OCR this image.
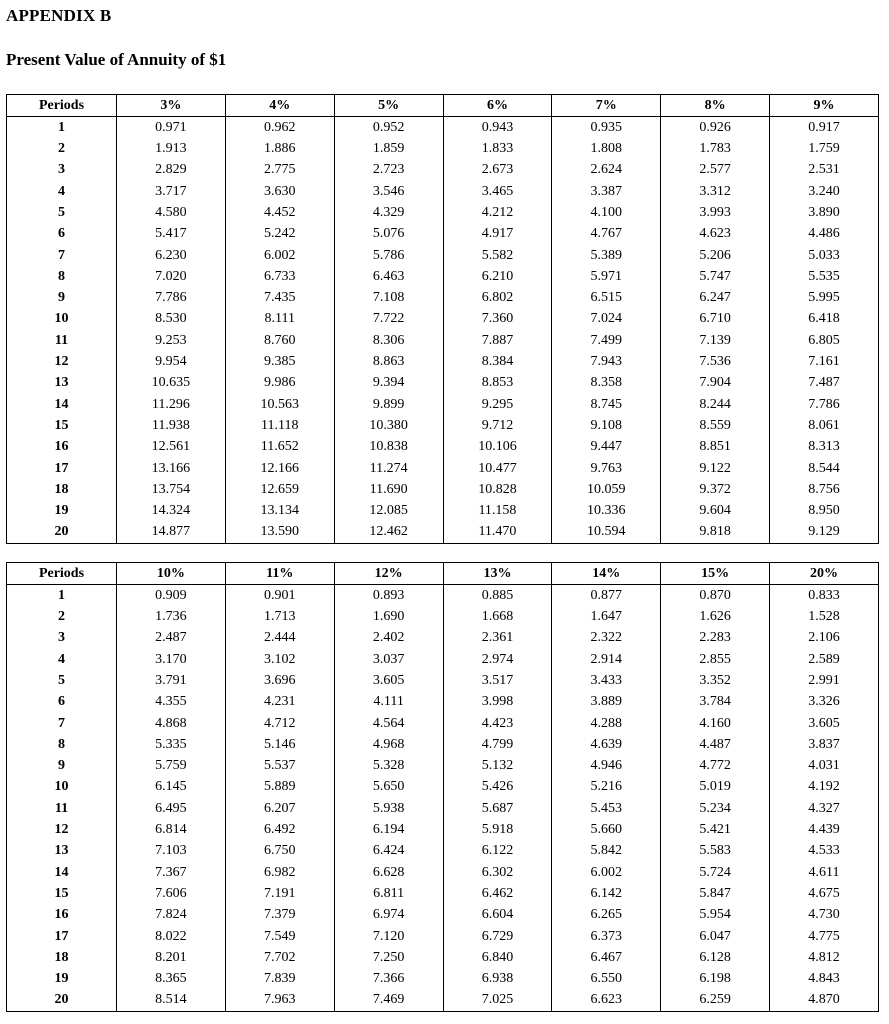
APPENDIX B
Present Value of Annuity of $1
Periods	3%	4%	5%	6%	7%	8%	9%
1	0.971	0.962	0.952	0.943	0.935	0.926	0.917
2	1.913	1.886	1.859	1.833	1.808	1.783	1.759
3	2.829	2.775	2.723	2.673	2.624	2.577	2.531
4	3.717	3.630	3.546	3.465	3.387	3.312	3.240
5	4.580	4.452	4.329	4.212	4.100	3.993	3.890
6	5.417	5.242	5.076	4.917	4.767	4.623	4.486
7	6.230	6.002	5.786	5.582	5.389	5.206	5.033
8	7.020	6.733	6.463	6.210	5.971	5.747	5.535
9	7.786	7.435	7.108	6.802	6.515	6.247	5.995
10	8.530	8.111	7.722	7.360	7.024	6.710	6.418
11	9.253	8.760	8.306	7.887	7.499	7.139	6.805
12	9.954	9.385	8.863	8.384	7.943	7.536	7.161
13	10.635	9.986	9.394	8.853	8.358	7.904	7.487
14	11.296	10.563	9.899	9.295	8.745	8.244	7.786
15	11.938	11.118	10.380	9.712	9.108	8.559	8.061
16	12.561	11.652	10.838	10.106	9.447	8.851	8.313
17	13.166	12.166	11.274	10.477	9.763	9.122	8.544
18	13.754	12.659	11.690	10.828	10.059	9.372	8.756
19	14.324	13.134	12.085	11.158	10.336	9.604	8.950
20	14.877	13.590	12.462	11.470	10.594	9.818	9.129
Periods	10%	11%	12%	13%	14%	15%	20%
1	0.909	0.901	0.893	0.885	0.877	0.870	0.833
2	1.736	1.713	1.690	1.668	1.647	1.626	1.528
3	2.487	2.444	2.402	2.361	2.322	2.283	2.106
4	3.170	3.102	3.037	2.974	2.914	2.855	2.589
5	3.791	3.696	3.605	3.517	3.433	3.352	2.991
6	4.355	4.231	4.111	3.998	3.889	3.784	3.326
7	4.868	4.712	4.564	4.423	4.288	4.160	3.605
8	5.335	5.146	4.968	4.799	4.639	4.487	3.837
9	5.759	5.537	5.328	5.132	4.946	4.772	4.031
10	6.145	5.889	5.650	5.426	5.216	5.019	4.192
11	6.495	6.207	5.938	5.687	5.453	5.234	4.327
12	6.814	6.492	6.194	5.918	5.660	5.421	4.439
13	7.103	6.750	6.424	6.122	5.842	5.583	4.533
14	7.367	6.982	6.628	6.302	6.002	5.724	4.611
15	7.606	7.191	6.811	6.462	6.142	5.847	4.675
16	7.824	7.379	6.974	6.604	6.265	5.954	4.730
17	8.022	7.549	7.120	6.729	6.373	6.047	4.775
18	8.201	7.702	7.250	6.840	6.467	6.128	4.812
19	8.365	7.839	7.366	6.938	6.550	6.198	4.843
20	8.514	7.963	7.469	7.025	6.623	6.259	4.870
